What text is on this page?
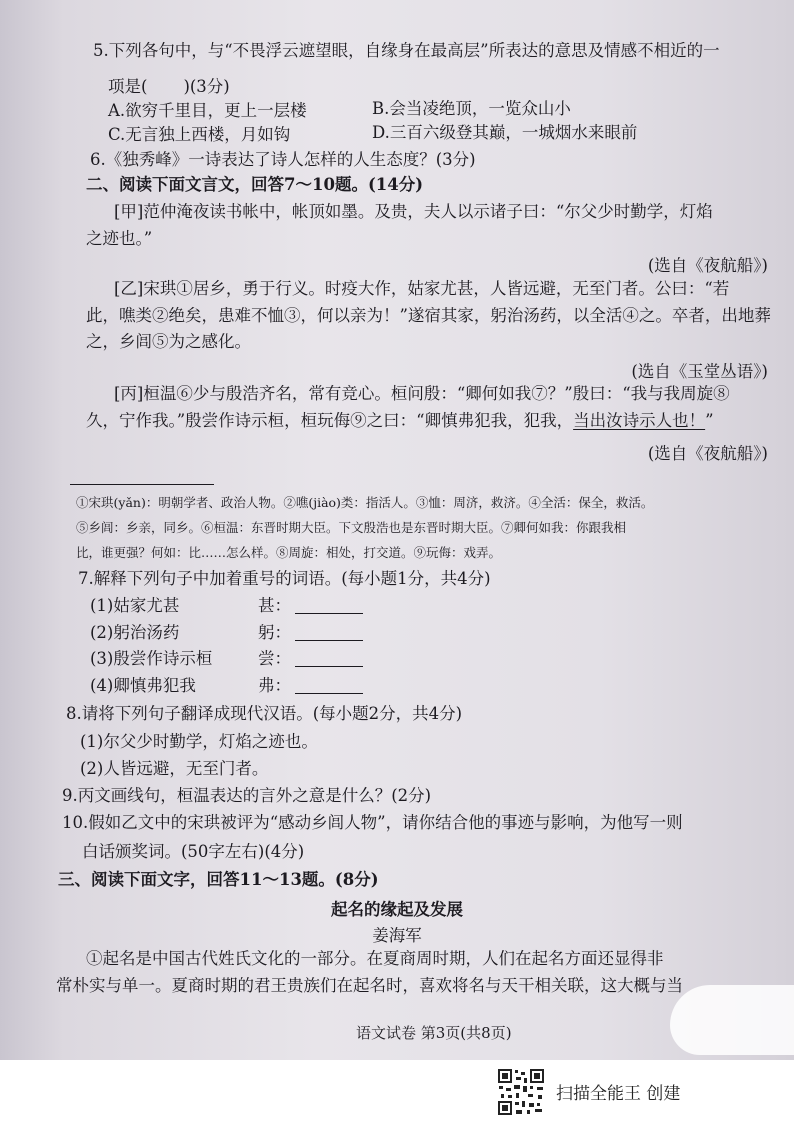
5.下列各句中，与“不畏浮云遮望眼，自缘身在最高层”所表达的意思及情感不相近的一
项是( )(3分)
A.欲穷千里目，更上一层楼	B.会当凌绝顶，一览众山小
C.无言独上西楼，月如钩	D.三百六级登其巅，一城烟水来眼前
6.《独秀峰》一诗表达了诗人怎样的人生态度？(3分)
二、阅读下面文言文，回答7～10题。(14分)
[甲]范仲淹夜读书帐中，帐顶如墨。及贵，夫人以示诸子曰：“尔父少时勤学，灯焰
之迹也。”
(选自《夜航船》)
[乙]宋珙①居乡，勇于行义。时疫大作，姑家尤甚，人皆远避，无至门者。公曰：“若
此，噍类②绝矣，患难不恤③，何以亲为！”遂宿其家，躬治汤药，以全活④之。卒者，出地葬
之，乡闾⑤为之感化。
(选自《玉堂丛语》)
[丙]桓温⑥少与殷浩齐名，常有竞心。桓问殷：“卿何如我⑦？”殷曰：“我与我周旋⑧
久，宁作我。”殷尝作诗示桓，桓玩侮⑨之曰：“卿慎弗犯我，犯我，当出汝诗示人也！”
(选自《夜航船》)
①宋珙(yǎn)：明朝学者、政治人物。②噍(jiào)类：指活人。③恤：周济，救济。④全活：保全，救活。
⑤乡闾：乡亲，同乡。⑥桓温：东晋时期大臣。下文殷浩也是东晋时期大臣。⑦卿何如我：你跟我相
比，谁更强？何如：比……怎么样。⑧周旋：相处，打交道。⑨玩侮：戏弄。
7.解释下列句子中加着重号的词语。(每小题1分，共4分)
(1)姑家尤甚	甚：
(2)躬治汤药	躬：
(3)殷尝作诗示桓	尝：
(4)卿慎弗犯我	弗：
8.请将下列句子翻译成现代汉语。(每小题2分，共4分)
(1)尔父少时勤学，灯焰之迹也。
(2)人皆远避，无至门者。
9.丙文画线句，桓温表达的言外之意是什么？(2分)
10.假如乙文中的宋珙被评为“感动乡闾人物”，请你结合他的事迹与影响，为他写一则
白话颁奖词。(50字左右)(4分)
三、阅读下面文字，回答11～13题。(8分)
起名的缘起及发展
姜海军
①起名是中国古代姓氏文化的一部分。在夏商周时期，人们在起名方面还显得非
常朴实与单一。夏商时期的君王贵族们在起名时，喜欢将名与天干相关联，这大概与当
语文试卷 第3页(共8页)
扫描全能王 创建
